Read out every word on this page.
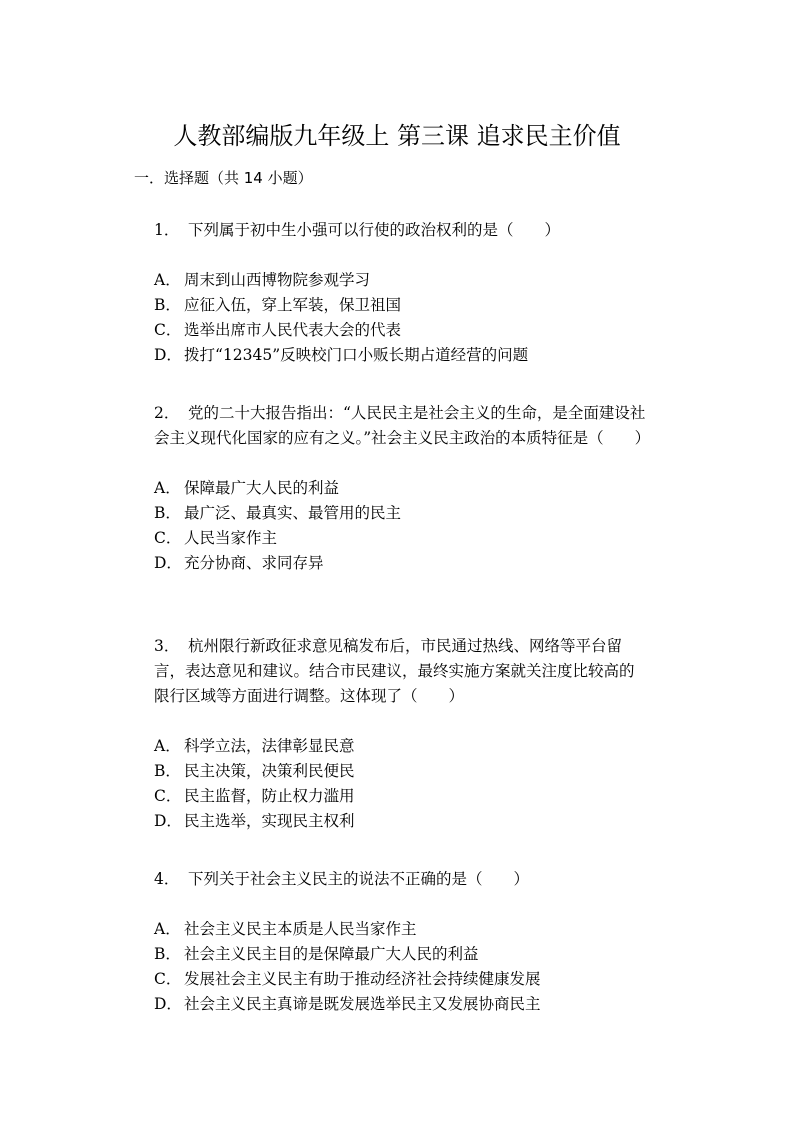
人教部编版九年级上 第三课 追求民主价值
一．选择题（共 14 小题）

1． 下列属于初中生小强可以行使的政治权利的是（　　）

A． 周末到山西博物院参观学习
B． 应征入伍，穿上军装，保卫祖国
C． 选举出席市人民代表大会的代表
D． 拨打“12345”反映校门口小贩长期占道经营的问题

2． 党的二十大报告指出：“人民民主是社会主义的生命，是全面建设社会主义现代化国家的应有之义。”社会主义民主政治的本质特征是（　　）

A． 保障最广大人民的利益
B． 最广泛、最真实、最管用的民主
C． 人民当家作主
D． 充分协商、求同存异

3． 杭州限行新政征求意见稿发布后，市民通过热线、网络等平台留言，表达意见和建议。结合市民建议，最终实施方案就关注度比较高的限行区域等方面进行调整。这体现了（　　）

A． 科学立法，法律彰显民意
B． 民主决策，决策利民便民
C． 民主监督，防止权力滥用
D． 民主选举，实现民主权利

4． 下列关于社会主义民主的说法不正确的是（　　）

A． 社会主义民主本质是人民当家作主
B． 社会主义民主目的是保障最广大人民的利益
C． 发展社会主义民主有助于推动经济社会持续健康发展
D． 社会主义民主真谛是既发展选举民主又发展协商民主
